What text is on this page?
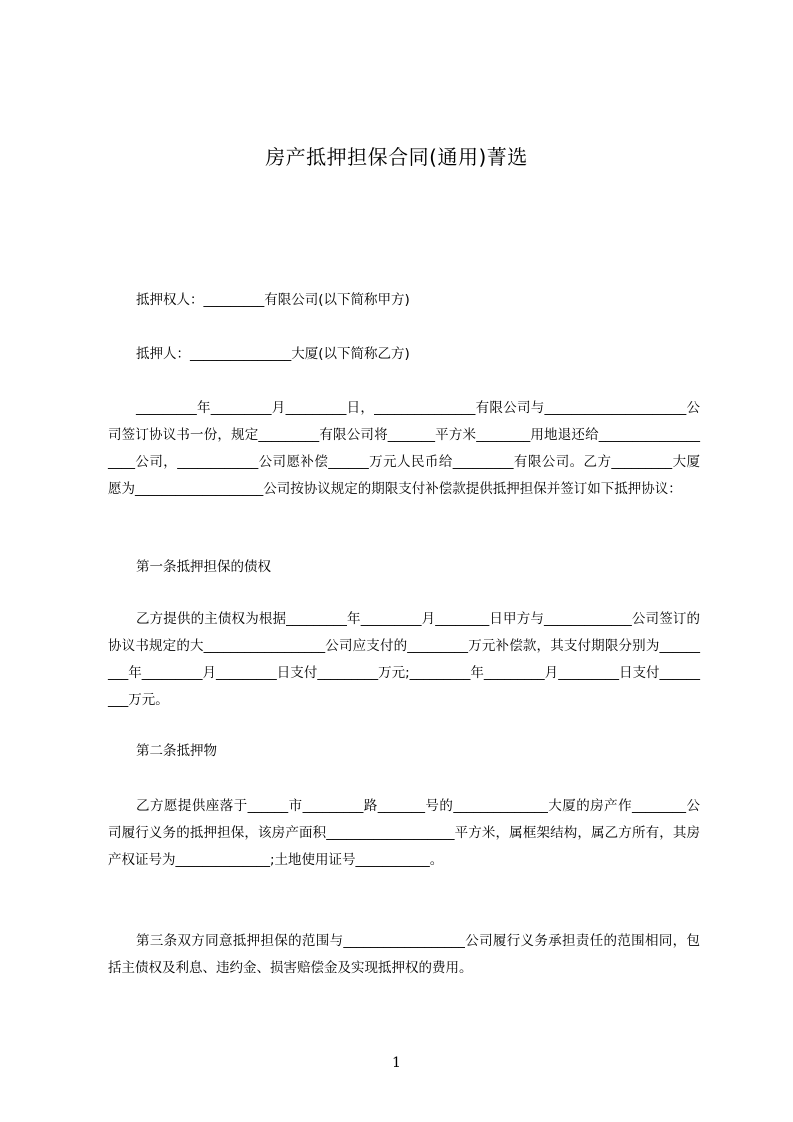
房产抵押担保合同(通用)菁选
抵押权人：_________有限公司(以下简称甲方)
抵押人：_______________大厦(以下简称乙方)
_________年_________月_________日，_______________有限公司与_____________________公司签订协议书一份，规定_________有限公司将_______平方米________用地退还给___________________公司，____________公司愿补偿______万元人民币给_________有限公司。乙方_________大厦愿为___________________公司按协议规定的期限支付补偿款提供抵押担保并签订如下抵押协议：
第一条抵押担保的债权
乙方提供的主债权为根据_________年_________月________日甲方与_____________公司签订的协议书规定的大__________________公司应支付的_________万元补偿款，其支付期限分别为_________年_________月_________日支付_________万元;_________年_________月_________日支付_________万元。
第二条抵押物
乙方愿提供座落于______市_________路_______号的______________大厦的房产作________公司履行义务的抵押担保，该房产面积___________________平方米，属框架结构，属乙方所有，其房产权证号为______________;土地使用证号___________。
第三条双方同意抵押担保的范围与__________________公司履行义务承担责任的范围相同，包括主债权及利息、违约金、损害赔偿金及实现抵押权的费用。
1
